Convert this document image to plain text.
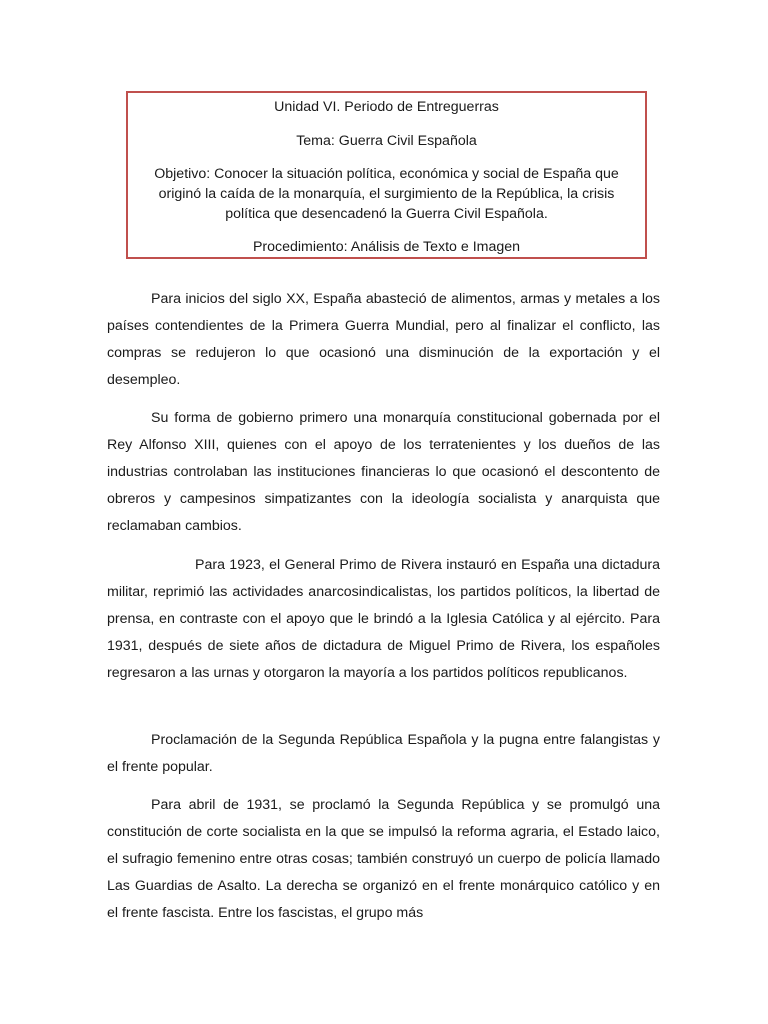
Unidad VI. Periodo de Entreguerras

Tema: Guerra Civil Española

Objetivo: Conocer la situación política, económica y social de España que originó la caída de la monarquía, el surgimiento de la República, la crisis política que desencadenó la Guerra Civil Española.

Procedimiento: Análisis de Texto e Imagen

Para inicios del siglo XX, España abasteció de alimentos, armas y metales a los países contendientes de la Primera Guerra Mundial, pero al finalizar el conflicto, las compras se redujeron lo que ocasionó una disminución de la exportación y el desempleo.

Su forma de gobierno primero una monarquía constitucional gobernada por el Rey Alfonso XIII, quienes con el apoyo de los terratenientes y los dueños de las industrias controlaban las instituciones financieras lo que ocasionó el descontento de obreros y campesinos simpatizantes con la ideología socialista y anarquista que reclamaban cambios.

Para 1923, el General Primo de Rivera instauró en España una dictadura militar, reprimió las actividades anarcosindicalistas, los partidos políticos, la libertad de prensa, en contraste con el apoyo que le brindó a la Iglesia Católica y al ejército. Para 1931, después de siete años de dictadura de Miguel Primo de Rivera, los españoles regresaron a las urnas y otorgaron la mayoría a los partidos políticos republicanos.

Proclamación de la Segunda República Española y la pugna entre falangistas y el frente popular.

Para abril de 1931, se proclamó la Segunda República y se promulgó una constitución de corte socialista en la que se impulsó la reforma agraria, el Estado laico, el sufragio femenino entre otras cosas; también construyó un cuerpo de policía llamado Las Guardias de Asalto. La derecha se organizó en el frente monárquico católico y en el frente fascista. Entre los fascistas, el grupo más
